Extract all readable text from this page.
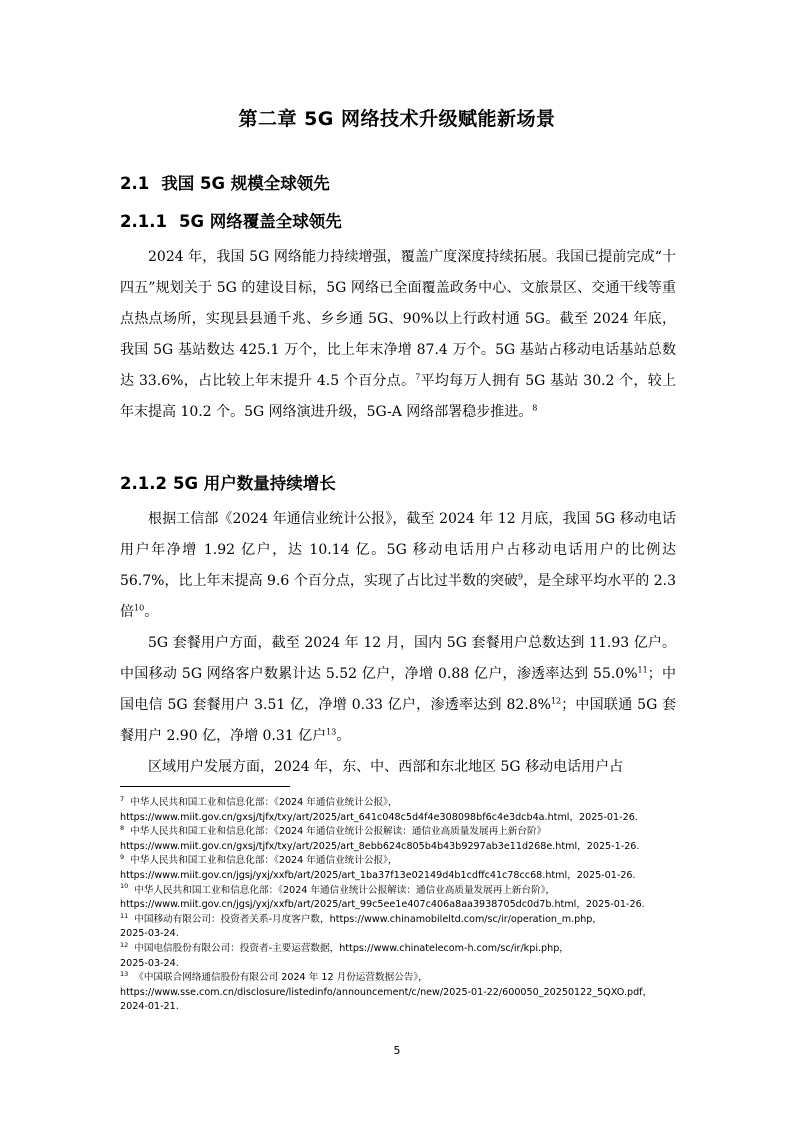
第二章 5G 网络技术升级赋能新场景
2.1 我国 5G 规模全球领先
2.1.1 5G 网络覆盖全球领先

2024 年，我国 5G 网络能力持续增强，覆盖广度深度持续拓展。我国已提前完成“十四五”规划关于 5G 的建设目标，5G 网络已全面覆盖政务中心、文旅景区、交通干线等重点热点场所，实现县县通千兆、乡乡通 5G、90%以上行政村通 5G。截至 2024 年底，我国 5G 基站数达 425.1 万个，比上年末净增 87.4 万个。5G 基站占移动电话基站总数达 33.6%，占比较上年末提升 4.5 个百分点。$^7$平均每万人拥有 5G 基站 30.2 个，较上年末提高 10.2 个。5G 网络演进升级，5G-A 网络部署稳步推进。$^8$

2.1.2 5G 用户数量持续增长

根据工信部《2024 年通信业统计公报》，截至 2024 年 12 月底，我国 5G 移动电话用户年净增 1.92 亿户，达 10.14 亿。5G 移动电话用户占移动电话用户的比例达 56.7%，比上年末提高 9.6 个百分点，实现了占比过半数的突破$^9$，是全球平均水平的 2.3 倍$^{10}$。

5G 套餐用户方面，截至 2024 年 12 月，国内 5G 套餐用户总数达到 11.93 亿户。中国移动 5G 网络客户数累计达 5.52 亿户，净增 0.88 亿户，渗透率达到 55.0%$^{11}$；中国电信 5G 套餐用户 3.51 亿，净增 0.33 亿户，渗透率达到 82.8%$^{12}$；中国联通 5G 套餐用户 2.90 亿，净增 0.31 亿户$^{13}$。

区域用户发展方面，2024 年，东、中、西部和东北地区 5G 移动电话用户占

$^7$ 中华人民共和国工业和信息化部：《2024 年通信业统计公报》，
https://www.miit.gov.cn/gxsj/tjfx/txy/art/2025/art_641c048c5d4f4e308098bf6c4e3dcb4a.html，2025-01-26.

$^8$ 中华人民共和国工业和信息化部：《2024 年通信业统计公报解读：通信业高质量发展再上新台阶》
https://www.miit.gov.cn/gxsj/tjfx/txy/art/2025/art_8ebb624c805b4b43b9297ab3e11d268e.html，2025-1-26.

$^9$ 中华人民共和国工业和信息化部：《2024 年通信业统计公报》，
https://www.miit.gov.cn/jgsj/yxj/xxfb/art/2025/art_1ba37f13e02149d4b1cdffc41c78cc68.html，2025-01-26.

$^{10}$ 中华人民共和国工业和信息化部：《2024 年通信业统计公报解读：通信业高质量发展再上新台阶》，
https://www.miit.gov.cn/jgsj/yxj/xxfb/art/2025/art_99c5ee1e407c406a8aa3938705dc0d7b.html，2025-01-26.

$^{11}$ 中国移动有限公司：投资者关系-月度客户数，https://www.chinamobileltd.com/sc/ir/operation_m.php，
2025-03-24.

$^{12}$ 中国电信股份有限公司：投资者-主要运营数据，https://www.chinatelecom-h.com/sc/ir/kpi.php，
2025-03-24.

$^{13}$ 《中国联合网络通信股份有限公司 2024 年 12 月份运营数据公告》，
https://www.sse.com.cn/disclosure/listedinfo/announcement/c/new/2025-01-22/600050_20250122_5QXO.pdf，
2024-01-21.

5
